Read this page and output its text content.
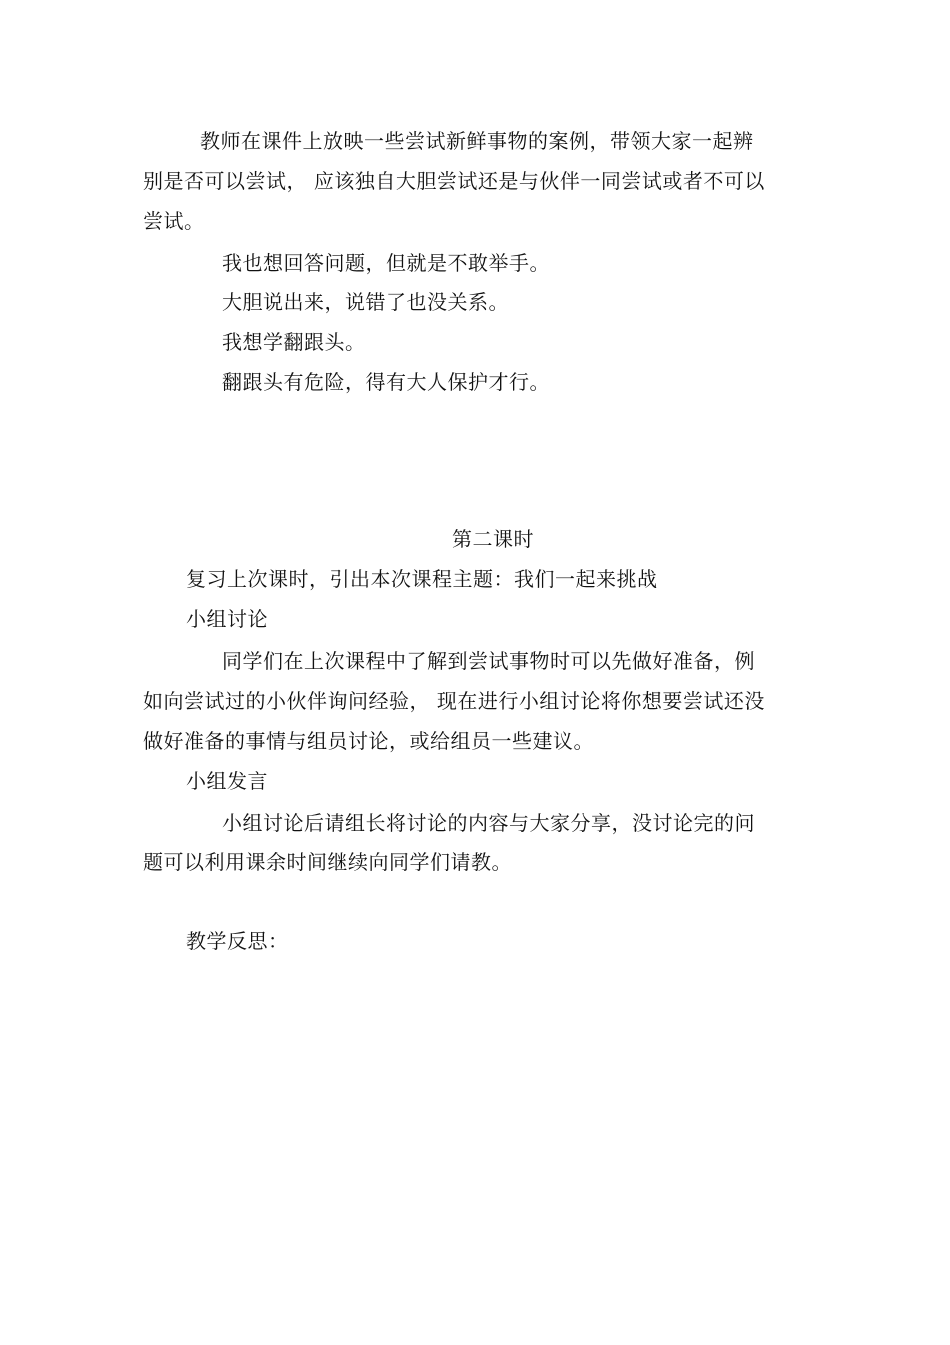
教师在课件上放映一些尝试新鲜事物的案例，带领大家一起辨
别是否可以尝试， 应该独自大胆尝试还是与伙伴一同尝试或者不可以
尝试。
我也想回答问题，但就是不敢举手。
大胆说出来，说错了也没关系。
我想学翻跟头。
翻跟头有危险，得有大人保护才行。
第二课时
复习上次课时，引出本次课程主题：我们一起来挑战
小组讨论
同学们在上次课程中了解到尝试事物时可以先做好准备，例
如向尝试过的小伙伴询问经验， 现在进行小组讨论将你想要尝试还没
做好准备的事情与组员讨论，或给组员一些建议。
小组发言
小组讨论后请组长将讨论的内容与大家分享，没讨论完的问
题可以利用课余时间继续向同学们请教。
教学反思：
